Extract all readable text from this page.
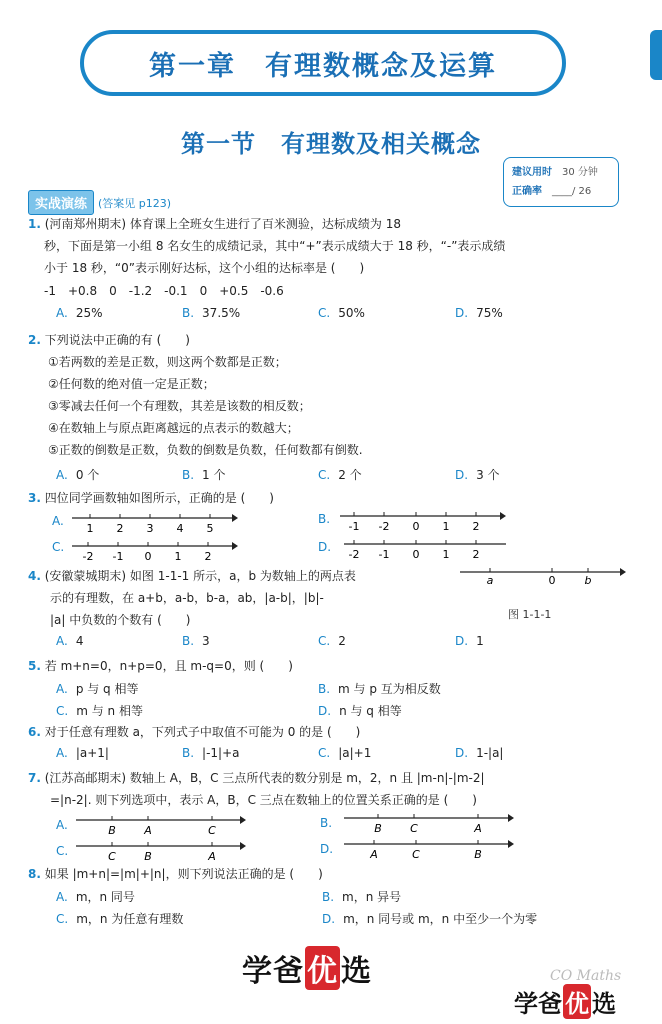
第一章　有理数概念及运算
第一节　有理数及相关概念
建议用时 30 分钟
正确率 ____/ 26
实战演练	(答案见 p123)
1. (河南郑州期末) 体育课上全班女生进行了百米测验，达标成绩为 18
秒，下面是第一小组 8 名女生的成绩记录，其中“+”表示成绩大于 18 秒，“-”表示成绩
小于 18 秒，“0”表示刚好达标，这个小组的达标率是 (　　)
-1　+0.8　0　-1.2　-0.1　0　+0.5　-0.6
A. 25%	B. 37.5%	C. 50%	D. 75%
2. 下列说法中正确的有 (　　)
①若两数的差是正数，则这两个数都是正数；
②任何数的绝对值一定是正数；
③零减去任何一个有理数，其差是该数的相反数；
④在数轴上与原点距离越远的点表示的数越大；
⑤正数的倒数是正数，负数的倒数是负数，任何数都有倒数.
A. 0 个	B. 1 个	C. 2 个	D. 3 个
3. 四位同学画数轴如图所示，正确的是 (　　)
A.
1 2 3 4 5
B.
-1 -2 0 1 2
C.
-2 -1 0 1 2
D.
-2 -1 0 1 2
4. (安徽蒙城期末) 如图 1-1-1 所示，a，b 为数轴上的两点表
示的有理数，在 a+b，a-b，b-a，ab，|a-b|，|b|-
|a| 中负数的个数有 (　　)
a	0	b
图 1-1-1
A. 4	B. 3	C. 2	D. 1
5. 若 m+n=0，n+p=0，且 m-q=0，则 (　　)
A. p 与 q 相等	B. m 与 p 互为相反数
C. m 与 n 相等	D. n 与 q 相等
6. 对于任意有理数 a，下列式子中取值不可能为 0 的是 (　　)
A. |a+1|	B. |-1|+a	C. |a|+1	D. 1-|a|
7. (江苏高邮期末) 数轴上 A，B，C 三点所代表的数分别是 m，2，n 且 |m-n|-|m-2|
=|n-2|. 则下列选项中，表示 A，B，C 三点在数轴上的位置关系正确的是 (　　)
A.	B	A	C
B.	B	C	A
C.	C	B	A
D.	A	C	B
8. 如果 |m+n|=|m|+|n|，则下列说法正确的是 (　　)
A. m，n 同号	B. m，n 异号
C. m，n 为任意有理数	D. m，n 同号或 m，n 中至少一个为零
CO Maths
学爸 优 选
学爸 优 选
